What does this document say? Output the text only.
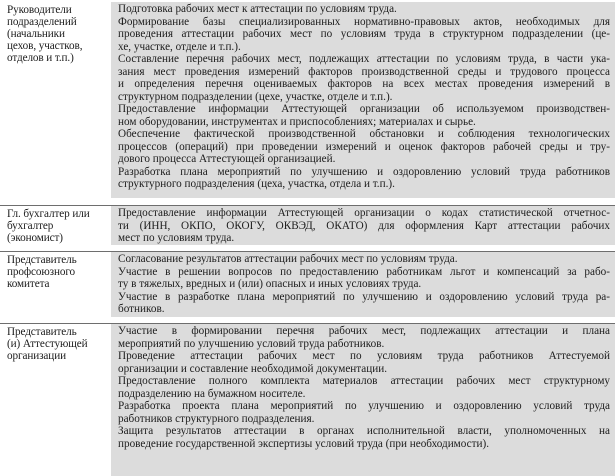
Руководители
подразделений
(начальники
цехов, участков,
отделов и т.п.)
Подготовка рабочих мест к аттестации по условиям труда.
Формирование базы специализированных нормативно-правовых актов, необходимых для
проведения аттестации рабочих мест по условиям труда в структурном подразделении (це-
хе, участке, отделе и т.п.).
Составление перечня рабочих мест, подлежащих аттестации по условиям труда, в части ука-
зания мест проведения измерений факторов производственной среды и трудового процесса
и определения перечня оцениваемых факторов на всех местах проведения измерений в
структурном подразделении (цехе, участке, отделе и т.п.).
Предоставление информации Аттестующей организации об используемом производствен-
ном оборудовании, инструментах и приспособлениях; материалах и сырье.
Обеспечение фактической производственной обстановки и соблюдения технологических
процессов (операций) при проведении измерений и оценок факторов рабочей среды и тру-
дового процесса Аттестующей организацией.
Разработка плана мероприятий по улучшению и оздоровлению условий труда работников
структурного подразделения (цеха, участка, отдела и т.п.).
Гл. бухгалтер или
бухгалтер
(экономист)
Предоставление информации Аттестующей организации о кодах статистической отчетнос-
ти (ИНН, ОКПО, ОКОГУ, ОКВЭД, ОКАТО) для оформления Карт аттестации рабочих
мест по условиям труда.
Представитель
профсоюзного
комитета
Согласование результатов аттестации рабочих мест по условиям труда.
Участие в решении вопросов по предоставлению работникам льгот и компенсаций за рабо-
ту в тяжелых, вредных и (или) опасных и иных условиях труда.
Участие в разработке плана мероприятий по улучшению и оздоровлению условий труда ра-
ботников.
Представитель
(и) Аттестующей
организации
Участие в формировании перечня рабочих мест, подлежащих аттестации и плана
мероприятий по улучшению условий труда работников.
Проведение аттестации рабочих мест по условиям труда работников Аттестуемой
организации и составление необходимой документации.
Предоставление полного комплекта материалов аттестации рабочих мест структурному
подразделению на бумажном носителе.
Разработка проекта плана мероприятий по улучшению и оздоровлению условий труда
работников структурного подразделения.
Защита результатов аттестации в органах исполнительной власти, уполномоченных на
проведение государственной экспертизы условий труда (при необходимости).
